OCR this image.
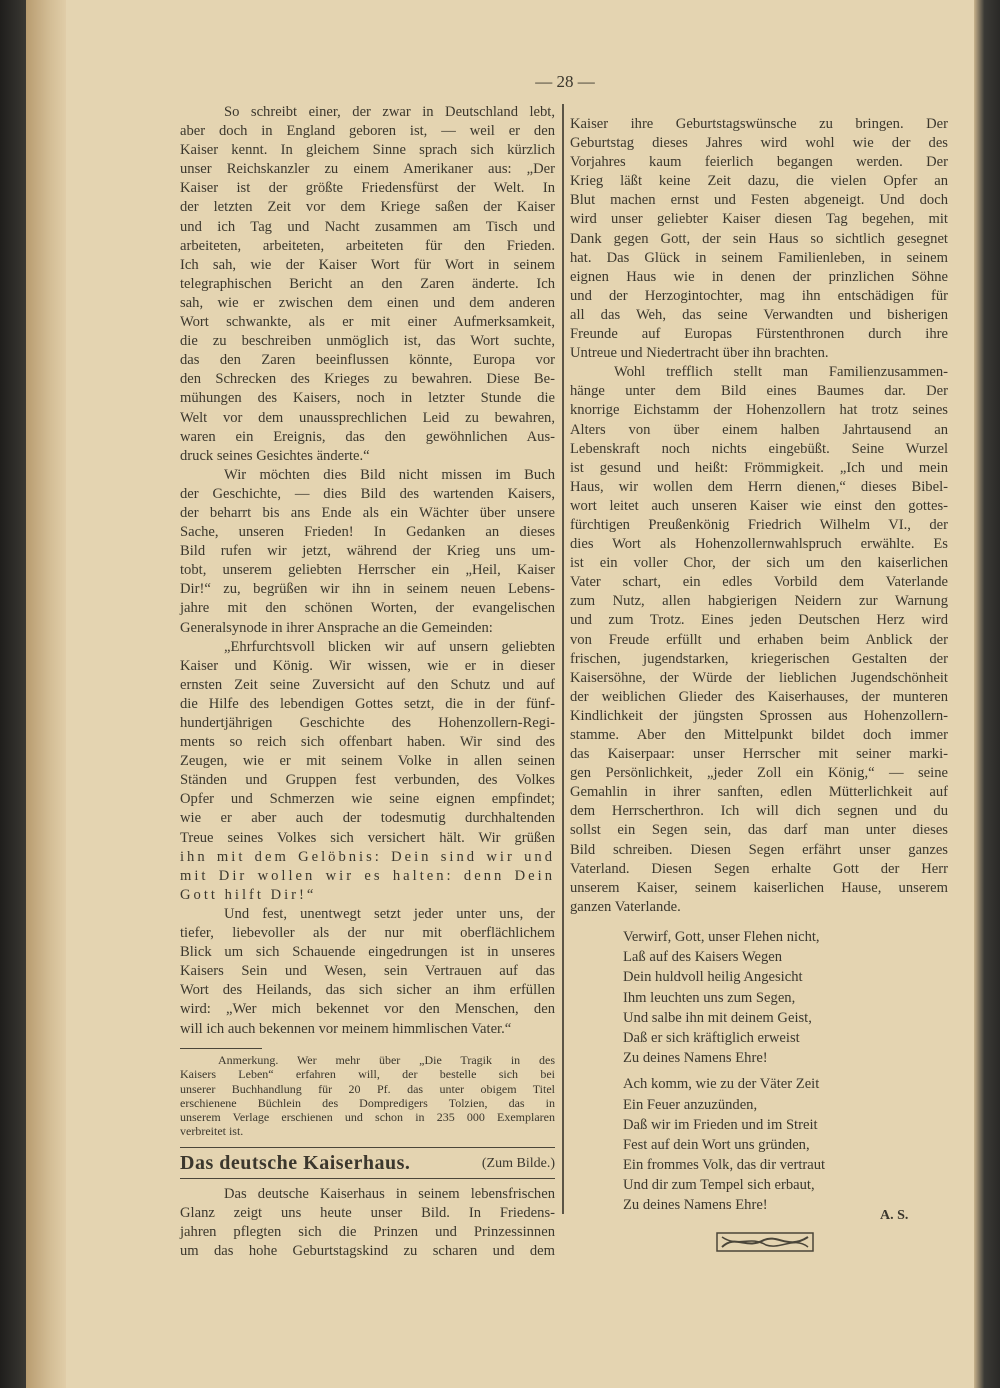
— 28 —
So schreibt einer, der zwar in Deutschland lebt,
aber doch in England geboren ist, — weil er den
Kaiser kennt. In gleichem Sinne sprach sich kürzlich
unser Reichskanzler zu einem Amerikaner aus: „Der
Kaiser ist der größte Friedensfürst der Welt. In
der letzten Zeit vor dem Kriege saßen der Kaiser
und ich Tag und Nacht zusammen am Tisch und
arbeiteten, arbeiteten, arbeiteten für den Frieden.
Ich sah, wie der Kaiser Wort für Wort in seinem
telegraphischen Bericht an den Zaren änderte. Ich
sah, wie er zwischen dem einen und dem anderen
Wort schwankte, als er mit einer Aufmerksamkeit,
die zu beschreiben unmöglich ist, das Wort suchte,
das den Zaren beeinflussen könnte, Europa vor
den Schrecken des Krieges zu bewahren. Diese Be-
mühungen des Kaisers, noch in letzter Stunde die
Welt vor dem unaussprechlichen Leid zu bewahren,
waren ein Ereignis, das den gewöhnlichen Aus-
druck seines Gesichtes änderte.“
Wir möchten dies Bild nicht missen im Buch
der Geschichte, — dies Bild des wartenden Kaisers,
der beharrt bis ans Ende als ein Wächter über unsere
Sache, unseren Frieden! In Gedanken an dieses
Bild rufen wir jetzt, während der Krieg uns um-
tobt, unserem geliebten Herrscher ein „Heil, Kaiser
Dir!“ zu, begrüßen wir ihn in seinem neuen Lebens-
jahre mit den schönen Worten, der evangelischen
Generalsynode in ihrer Ansprache an die Gemeinden:
„Ehrfurchtsvoll blicken wir auf unsern geliebten
Kaiser und König. Wir wissen, wie er in dieser
ernsten Zeit seine Zuversicht auf den Schutz und auf
die Hilfe des lebendigen Gottes setzt, die in der fünf-
hundertjährigen Geschichte des Hohenzollern-Regi-
ments so reich sich offenbart haben. Wir sind des
Zeugen, wie er mit seinem Volke in allen seinen
Ständen und Gruppen fest verbunden, des Volkes
Opfer und Schmerzen wie seine eignen empfindet;
wie er aber auch der todesmutig durchhaltenden
Treue seines Volkes sich versichert hält. Wir grüßen
ihn mit dem Gelöbnis: Dein sind wir und
mit Dir wollen wir es halten: denn Dein
Gott hilft Dir!“
Und fest, unentwegt setzt jeder unter uns, der
tiefer, liebevoller als der nur mit oberflächlichem
Blick um sich Schauende eingedrungen ist in unseres
Kaisers Sein und Wesen, sein Vertrauen auf das
Wort des Heilands, das sich sicher an ihm erfüllen
wird: „Wer mich bekennet vor den Menschen, den
will ich auch bekennen vor meinem himmlischen Vater.“
Anmerkung. Wer mehr über „Die Tragik in des
Kaisers Leben“ erfahren will, der bestelle sich bei
unserer Buchhandlung für 20 Pf. das unter obigem Titel
erschienene Büchlein des Dompredigers Tolzien, das in
unserem Verlage erschienen und schon in 235 000 Exemplaren
verbreitet ist.
Das deutsche Kaiserhaus.	(Zum Bilde.)
Das deutsche Kaiserhaus in seinem lebensfrischen
Glanz zeigt uns heute unser Bild. In Friedens-
jahren pflegten sich die Prinzen und Prinzessinnen
um das hohe Geburtstagskind zu scharen und dem
Kaiser ihre Geburtstagswünsche zu bringen. Der
Geburtstag dieses Jahres wird wohl wie der des
Vorjahres kaum feierlich begangen werden. Der
Krieg läßt keine Zeit dazu, die vielen Opfer an
Blut machen ernst und Festen abgeneigt. Und doch
wird unser geliebter Kaiser diesen Tag begehen, mit
Dank gegen Gott, der sein Haus so sichtlich gesegnet
hat. Das Glück in seinem Familienleben, in seinem
eignen Haus wie in denen der prinzlichen Söhne
und der Herzogintochter, mag ihn entschädigen für
all das Weh, das seine Verwandten und bisherigen
Freunde auf Europas Fürstenthronen durch ihre
Untreue und Niedertracht über ihn brachten.
Wohl trefflich stellt man Familienzusammen-
hänge unter dem Bild eines Baumes dar. Der
knorrige Eichstamm der Hohenzollern hat trotz seines
Alters von über einem halben Jahrtausend an
Lebenskraft noch nichts eingebüßt. Seine Wurzel
ist gesund und heißt: Frömmigkeit. „Ich und mein
Haus, wir wollen dem Herrn dienen,“ dieses Bibel-
wort leitet auch unseren Kaiser wie einst den gottes-
fürchtigen Preußenkönig Friedrich Wilhelm VI., der
dies Wort als Hohenzollernwahlspruch erwählte. Es
ist ein voller Chor, der sich um den kaiserlichen
Vater schart, ein edles Vorbild dem Vaterlande
zum Nutz, allen habgierigen Neidern zur Warnung
und zum Trotz. Eines jeden Deutschen Herz wird
von Freude erfüllt und erhaben beim Anblick der
frischen, jugendstarken, kriegerischen Gestalten der
Kaisersöhne, der Würde der lieblichen Jugendschönheit
der weiblichen Glieder des Kaiserhauses, der munteren
Kindlichkeit der jüngsten Sprossen aus Hohenzollern-
stamme. Aber den Mittelpunkt bildet doch immer
das Kaiserpaar: unser Herrscher mit seiner marki-
gen Persönlichkeit, „jeder Zoll ein König,“ — seine
Gemahlin in ihrer sanften, edlen Mütterlichkeit auf
dem Herrscherthron. Ich will dich segnen und du
sollst ein Segen sein, das darf man unter dieses
Bild schreiben. Diesen Segen erfährt unser ganzes
Vaterland. Diesen Segen erhalte Gott der Herr
unserem Kaiser, seinem kaiserlichen Hause, unserem
ganzen Vaterlande.
Verwirf, Gott, unser Flehen nicht,
Laß auf des Kaisers Wegen
Dein huldvoll heilig Angesicht
Ihm leuchten uns zum Segen,
Und salbe ihn mit deinem Geist,
Daß er sich kräftiglich erweist
Zu deines Namens Ehre!
Ach komm, wie zu der Väter Zeit
Ein Feuer anzuzünden,
Daß wir im Frieden und im Streit
Fest auf dein Wort uns gründen,
Ein frommes Volk, das dir vertraut
Und dir zum Tempel sich erbaut,
Zu deines Namens Ehre!
A. S.
